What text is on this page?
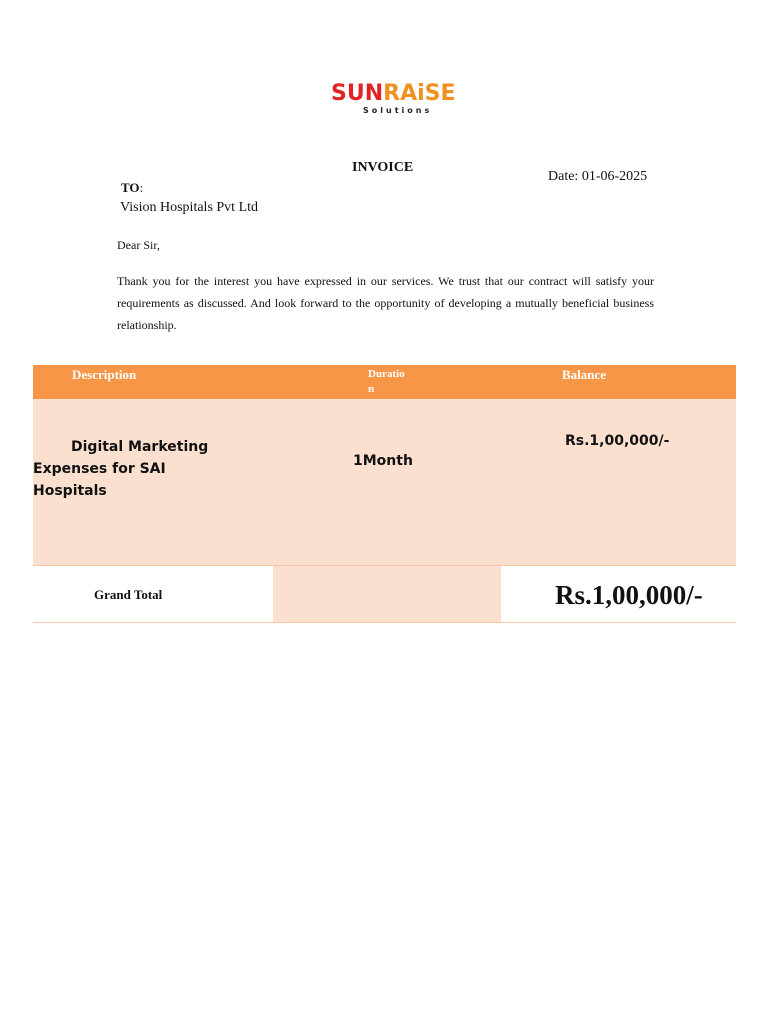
SUNRAiSE
Solutions
INVOICE
Date: 01-06-2025
TO:
Vision Hospitals Pvt Ltd
Dear Sir,
Thank you for the interest you have expressed in our services. We trust that our contract will satisfy your requirements as discussed. And look forward to the opportunity of developing a mutually beneficial business relationship.
Description	Duration
Balance
Digital Marketing Expenses for SAI Hospitals
1Month
Rs.1,00,000/-
Grand Total	Rs.1,00,000/-
